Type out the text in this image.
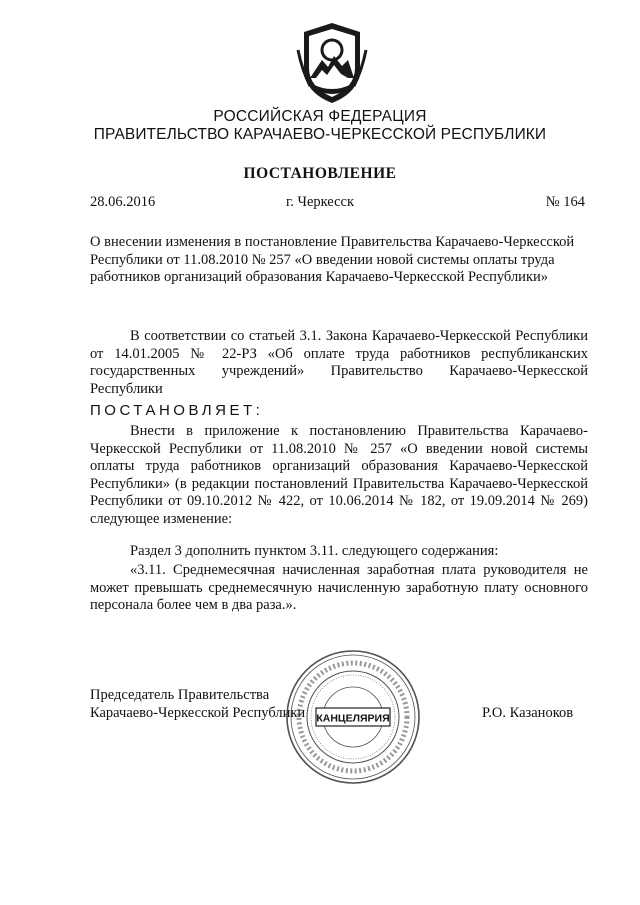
РОССИЙСКАЯ ФЕДЕРАЦИЯ
ПРАВИТЕЛЬСТВО КАРАЧАЕВО-ЧЕРКЕССКОЙ РЕСПУБЛИКИ
ПОСТАНОВЛЕНИЕ
28.06.2016	г. Черкесск	№ 164
О внесении изменения в постановление Правительства Карачаево-Черкесской Республики от 11.08.2010 № 257 «О введении новой системы оплаты труда работников организаций образования Карачаево-Черкесской Республики»
В соответствии со статьей 3.1. Закона Карачаево-Черкесской Республики от 14.01.2005 № 22-РЗ «Об оплате труда работников республиканских государственных учреждений» Правительство Карачаево-Черкесской Республики
ПОСТАНОВЛЯЕТ:
Внести в приложение к постановлению Правительства Карачаево-Черкесской Республики от 11.08.2010 № 257 «О введении новой системы оплаты труда работников организаций образования Карачаево-Черкесской Республики» (в редакции постановлений Правительства Карачаево-Черкесской Республики от 09.10.2012 № 422, от 10.06.2014 № 182, от 19.09.2014 № 269) следующее изменение:
Раздел 3 дополнить пунктом 3.11. следующего содержания:
«3.11. Среднемесячная начисленная заработная плата руководителя не может превышать среднемесячную начисленную заработную плату основного персонала более чем в два раза.».
Председатель Правительства
Карачаево-Черкесской Республики	Р.О. Казаноков
КАНЦЕЛЯРИЯ
